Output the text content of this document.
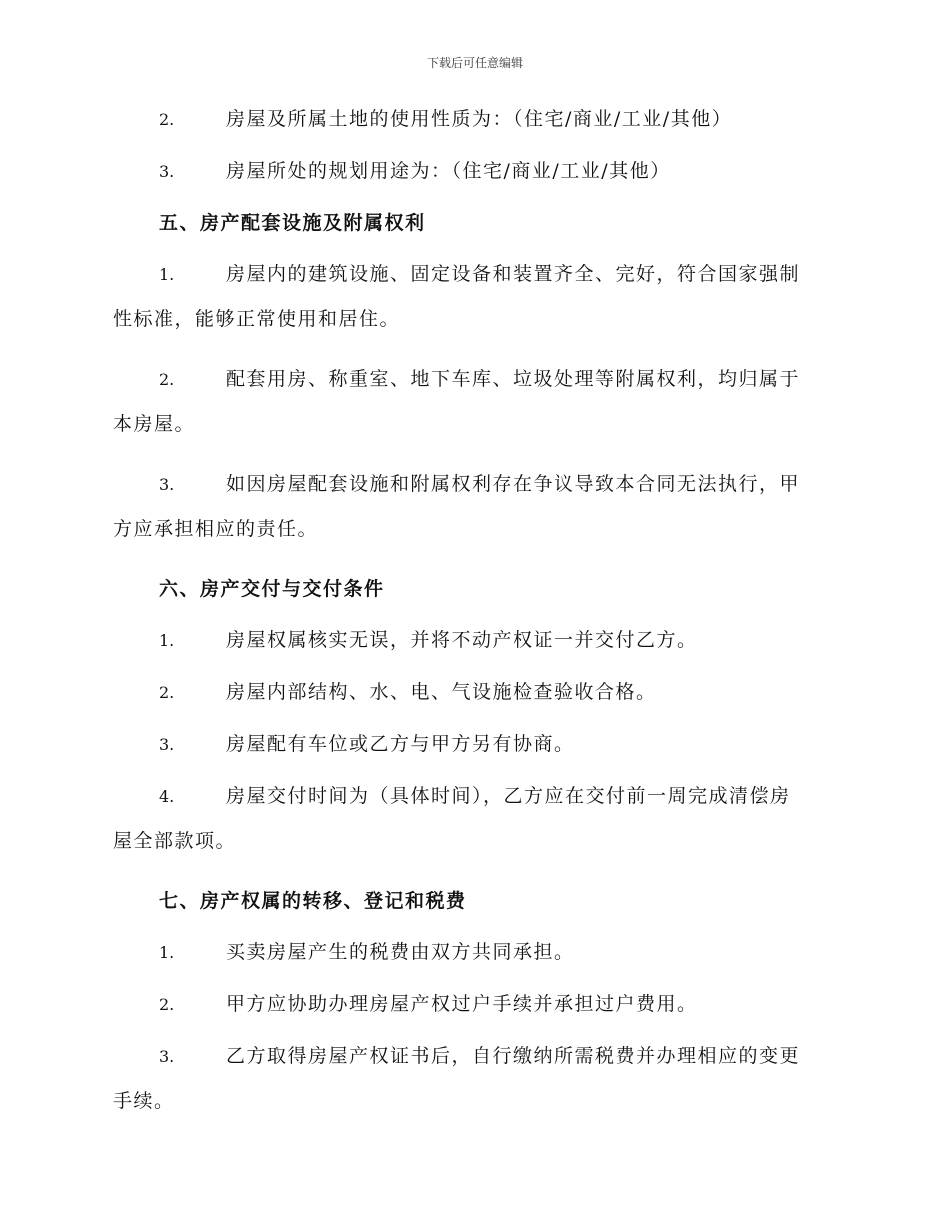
下载后可任意编辑
2.	房屋及所属土地的使用性质为：（住宅/商业/工业/其他）
3.	房屋所处的规划用途为：（住宅/商业/工业/其他）
五、房产配套设施及附属权利
1.	房屋内的建筑设施、固定设备和装置齐全、完好，符合国家强制
性标准，能够正常使用和居住。
2.	配套用房、称重室、地下车库、垃圾处理等附属权利，均归属于
本房屋。
3.	如因房屋配套设施和附属权利存在争议导致本合同无法执行，甲
方应承担相应的责任。
六、房产交付与交付条件
1.	房屋权属核实无误，并将不动产权证一并交付乙方。
2.	房屋内部结构、水、电、气设施检查验收合格。
3.	房屋配有车位或乙方与甲方另有协商。
4.	房屋交付时间为（具体时间），乙方应在交付前一周完成清偿房
屋全部款项。
七、房产权属的转移、登记和税费
1.	买卖房屋产生的税费由双方共同承担。
2.	甲方应协助办理房屋产权过户手续并承担过户费用。
3.	乙方取得房屋产权证书后，自行缴纳所需税费并办理相应的变更
手续。
